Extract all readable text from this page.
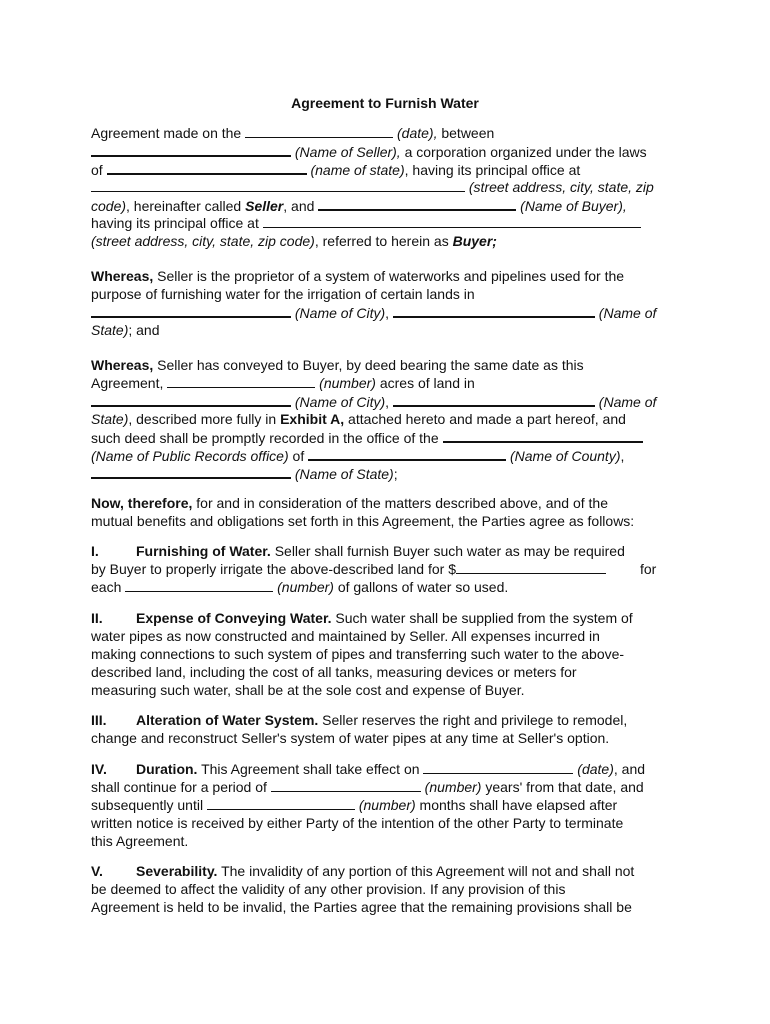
Agreement to Furnish Water
Agreement made on the	(date), between
(Name of Seller), a corporation organized under the laws
of	(name of state), having its principal office at
(street address, city, state, zip
code), hereinafter called Seller, and	(Name of Buyer),
having its principal office at
(street address, city, state, zip code), referred to herein as Buyer;
Whereas, Seller is the proprietor of a system of waterworks and pipelines used for the
purpose of furnishing water for the irrigation of certain lands in
(Name of City),	(Name of
State); and
Whereas, Seller has conveyed to Buyer, by deed bearing the same date as this
Agreement,	(number) acres of land in
(Name of City),	(Name of
State), described more fully in Exhibit A, attached hereto and made a part hereof, and
such deed shall be promptly recorded in the office of the
(Name of Public Records office) of	(Name of County),
(Name of State);
Now, therefore, for and in consideration of the matters described above, and of the
mutual benefits and obligations set forth in this Agreement, the Parties agree as follows:
I.	Furnishing of Water. Seller shall furnish Buyer such water as may be required
by Buyer to properly irrigate the above-described land for $	for
each	(number) of gallons of water so used.
II. Expense of Conveying Water. Such water shall be supplied from the system of
water pipes as now constructed and maintained by Seller. All expenses incurred in
making connections to such system of pipes and transferring such water to the above-
described land, including the cost of all tanks, measuring devices or meters for
measuring such water, shall be at the sole cost and expense of Buyer.
III. Alteration of Water System. Seller reserves the right and privilege to remodel,
change and reconstruct Seller's system of water pipes at any time at Seller's option.
IV. Duration. This Agreement shall take effect on	(date), and
shall continue for a period of	(number) years' from that date, and
subsequently until	(number) months shall have elapsed after
written notice is received by either Party of the intention of the other Party to terminate
this Agreement.
V. Severability. The invalidity of any portion of this Agreement will not and shall not
be deemed to affect the validity of any other provision. If any provision of this
Agreement is held to be invalid, the Parties agree that the remaining provisions shall be
